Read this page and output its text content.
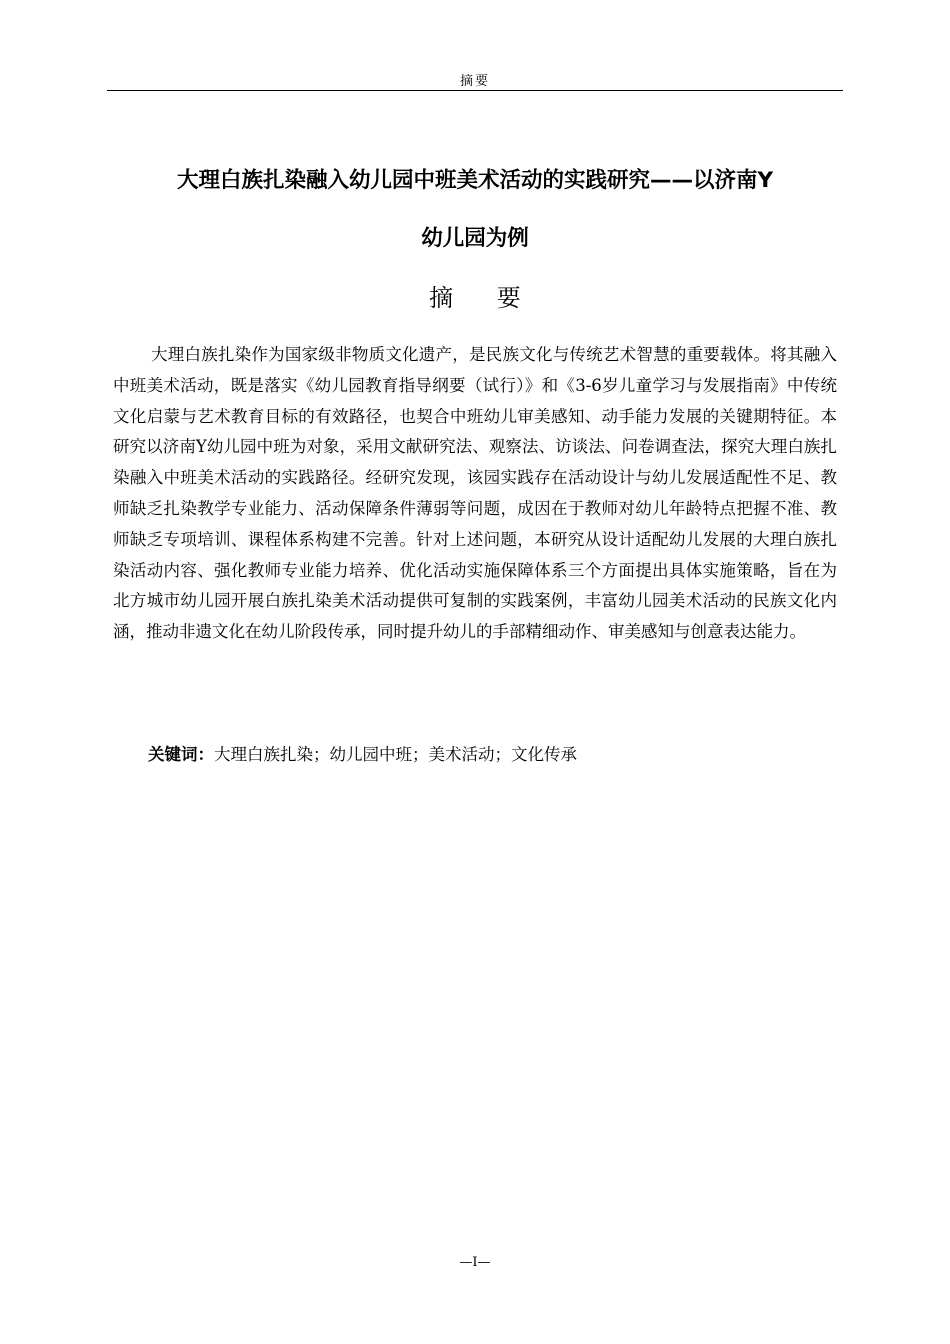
摘要
大理白族扎染融入幼儿园中班美术活动的实践研究——以济南Y
幼儿园为例
摘 要

大理白族扎染作为国家级非物质文化遗产，是民族文化与传统艺术智慧的重要载体。将其融入中班美术活动，既是落实《幼儿园教育指导纲要（试行）》和《3-6岁儿童学习与发展指南》中传统文化启蒙与艺术教育目标的有效路径，也契合中班幼儿审美感知、动手能力发展的关键期特征。本研究以济南Y幼儿园中班为对象，采用文献研究法、观察法、访谈法、问卷调查法，探究大理白族扎染融入中班美术活动的实践路径。经研究发现，该园实践存在活动设计与幼儿发展适配性不足、教师缺乏扎染教学专业能力、活动保障条件薄弱等问题，成因在于教师对幼儿年龄特点把握不准、教师缺乏专项培训、课程体系构建不完善。针对上述问题，本研究从设计适配幼儿发展的大理白族扎染活动内容、强化教师专业能力培养、优化活动实施保障体系三个方面提出具体实施策略，旨在为北方城市幼儿园开展白族扎染美术活动提供可复制的实践案例，丰富幼儿园美术活动的民族文化内涵，推动非遗文化在幼儿阶段传承，同时提升幼儿的手部精细动作、审美感知与创意表达能力。

关键词：大理白族扎染；幼儿园中班；美术活动；文化传承
—I—
